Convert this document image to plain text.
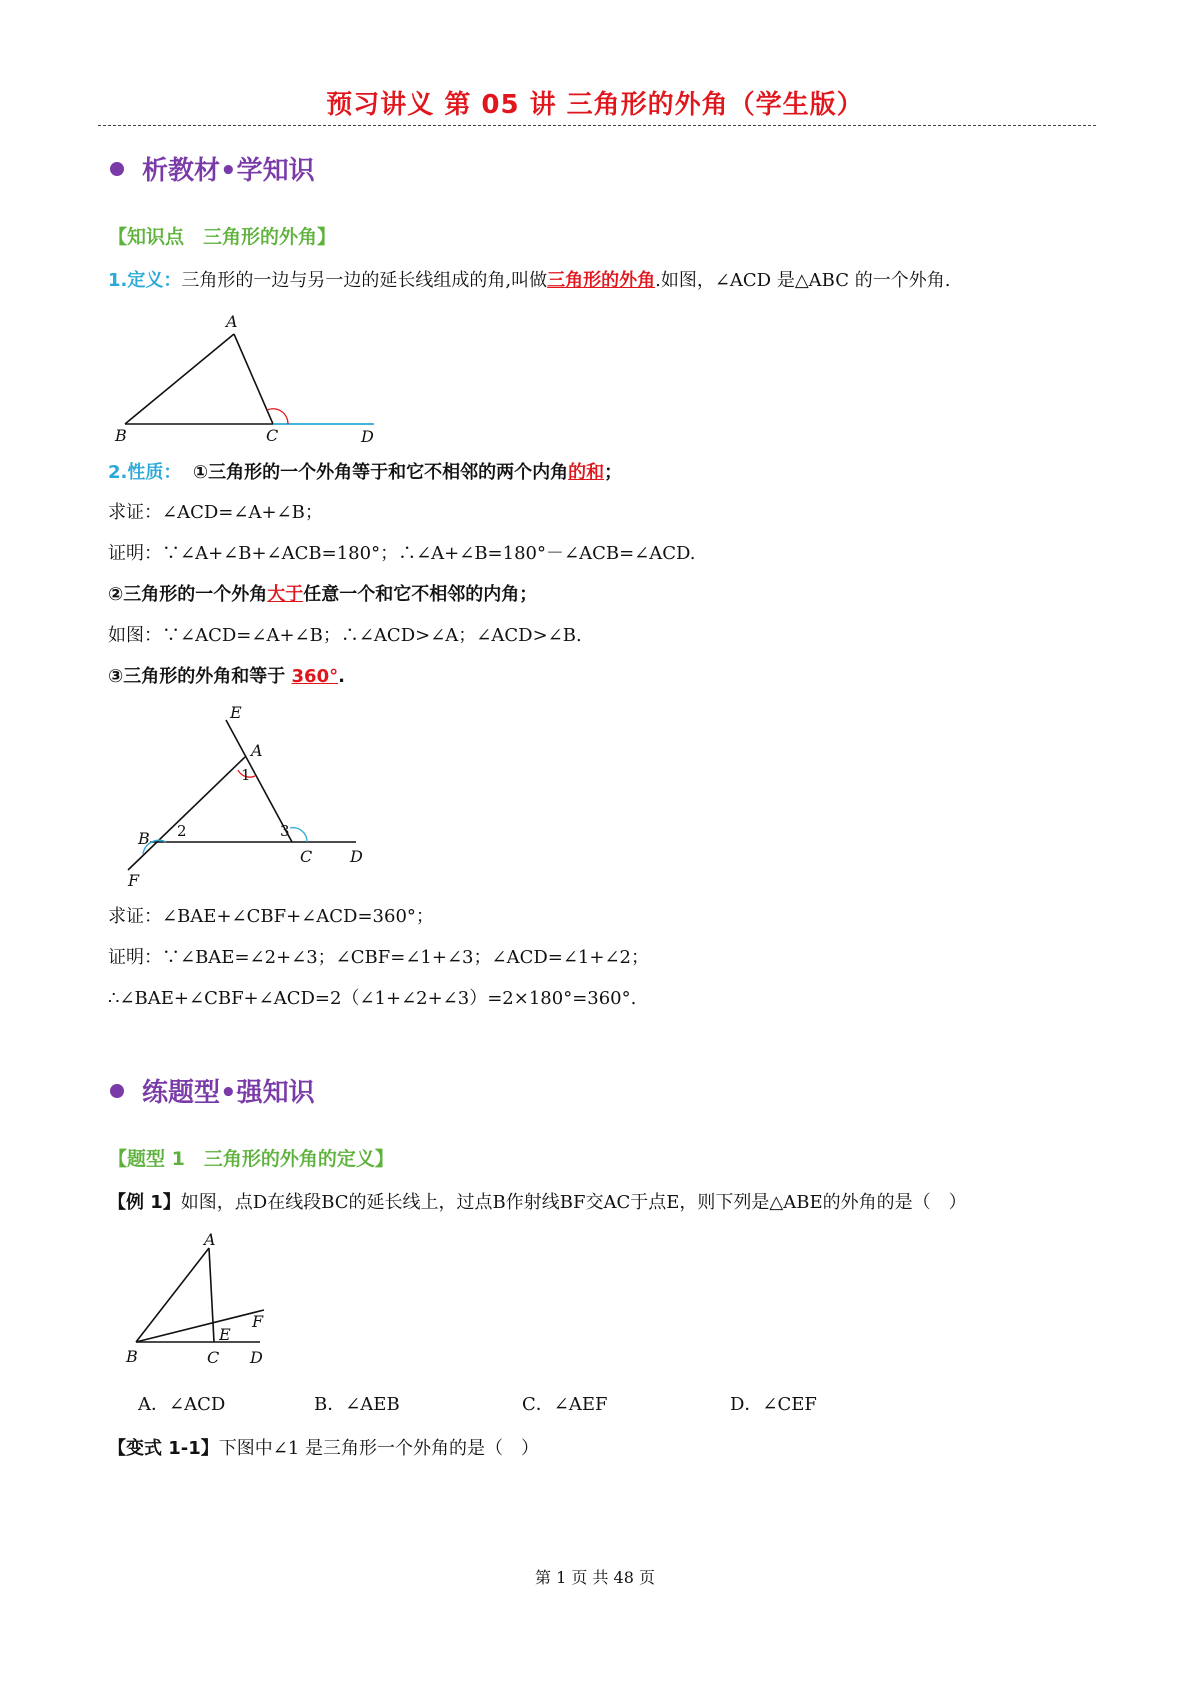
预习讲义 第 05 讲 三角形的外角（学生版）
析教材•学知识
【知识点　三角形的外角】
1.定义：三角形的一边与另一边的延长线组成的角,叫做三角形的外角.如图，∠ACD 是△ABC 的一个外角.
A
B	C	D
2.性质： ①三角形的一个外角等于和它不相邻的两个内角的和；
求证：∠ACD=∠A+∠B；
证明：∵∠A+∠B+∠ACB=180°；∴∠A+∠B=180°－∠ACB=∠ACD.
②三角形的一个外角大于任意一个和它不相邻的内角；
如图：∵∠ACD=∠A+∠B；∴∠ACD>∠A；∠ACD>∠B.
③三角形的外角和等于 360°.
E
A
1
B 2	3
C D
F
求证：∠BAE+∠CBF+∠ACD=360°；
证明：∵∠BAE=∠2+∠3；∠CBF=∠1+∠3；∠ACD=∠1+∠2；
∴∠BAE+∠CBF+∠ACD=2（∠1+∠2+∠3）=2×180°=360°.
练题型•强知识
【题型 1　三角形的外角的定义】
【例 1】如图，点D在线段BC的延长线上，过点B作射线BF交AC于点E，则下列是△ABE的外角的是（　）
A
E
F
B	C D
A．∠ACD	B．∠AEB	C．∠AEF	D．∠CEF
【变式 1-1】下图中∠1 是三角形一个外角的是（　）
第 1 页 共 48 页
